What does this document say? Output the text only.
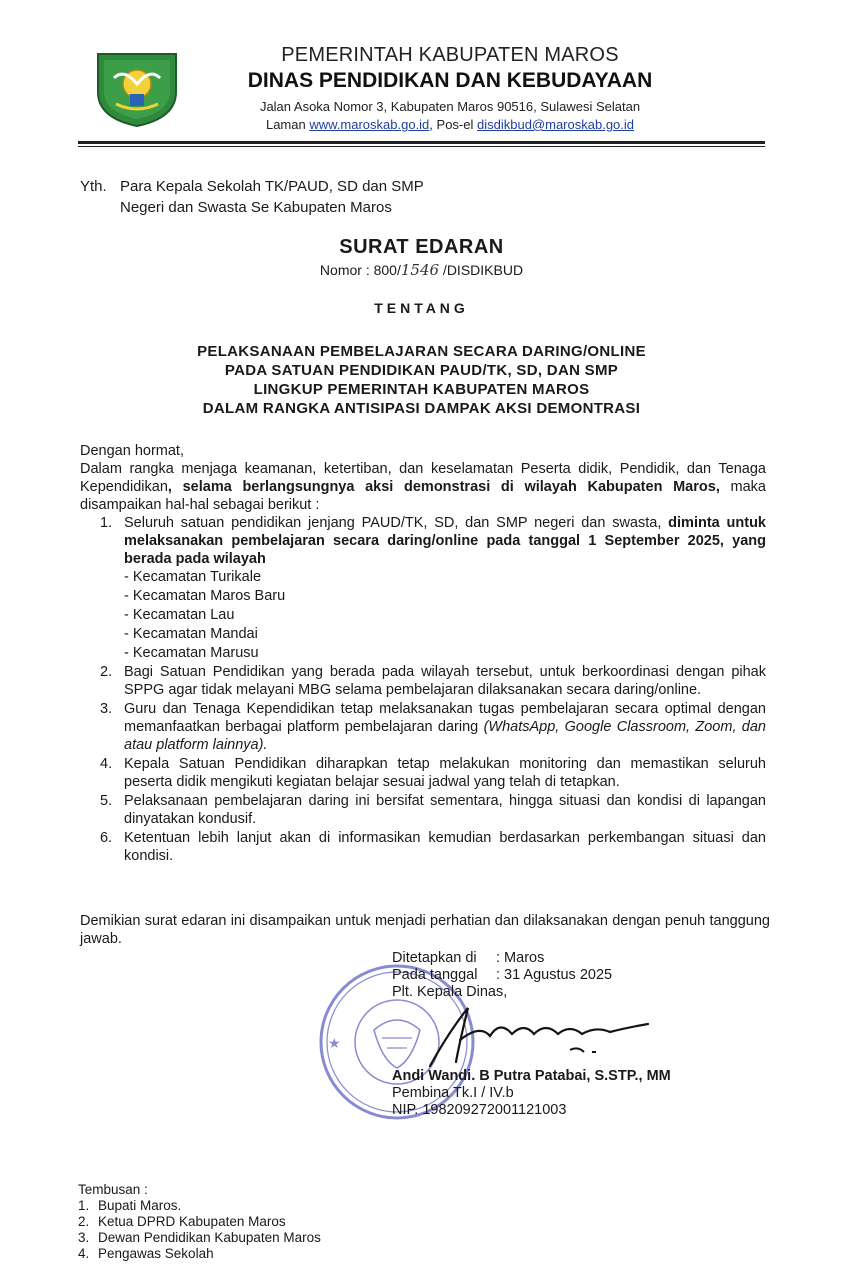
PEMERINTAH KABUPATEN MAROS
DINAS PENDIDIKAN DAN KEBUDAYAAN
Jalan Asoka Nomor 3, Kabupaten Maros 90516, Sulawesi Selatan
Laman www.maroskab.go.id, Pos-el disdikbud@maroskab.go.id
Yth. Para Kepala Sekolah TK/PAUD, SD dan SMP
Negeri dan Swasta Se Kabupaten Maros
SURAT EDARAN
Nomor : 800/1546 /DISDIKBUD
TENTANG
PELAKSANAAN PEMBELAJARAN SECARA DARING/ONLINE
PADA SATUAN PENDIDIKAN PAUD/TK, SD, DAN SMP
LINGKUP PEMERINTAH KABUPATEN MAROS
DALAM RANGKA ANTISIPASI DAMPAK AKSI DEMONTRASI

Dengan hormat,

Dalam rangka menjaga keamanan, ketertiban, dan keselamatan Peserta didik, Pendidik, dan Tenaga Kependidikan, selama berlangsungnya aksi demonstrasi di wilayah Kabupaten Maros, maka disampaikan hal-hal sebagai berikut :

1. Seluruh satuan pendidikan jenjang PAUD/TK, SD, dan SMP negeri dan swasta, diminta untuk melaksanakan pembelajaran secara daring/online pada tanggal 1 September 2025, yang berada pada wilayah
- Kecamatan Turikale
- Kecamatan Maros Baru
- Kecamatan Lau
- Kecamatan Mandai
- Kecamatan Marusu
2. Bagi Satuan Pendidikan yang berada pada wilayah tersebut, untuk berkoordinasi dengan pihak SPPG agar tidak melayani MBG selama pembelajaran dilaksanakan secara daring/online.
3. Guru dan Tenaga Kependidikan tetap melaksanakan tugas pembelajaran secara optimal dengan memanfaatkan berbagai platform pembelajaran daring (WhatsApp, Google Classroom, Zoom, dan atau platform lainnya).
4. Kepala Satuan Pendidikan diharapkan tetap melakukan monitoring dan memastikan seluruh peserta didik mengikuti kegiatan belajar sesuai jadwal yang telah di tetapkan.
5. Pelaksanaan pembelajaran daring ini bersifat sementara, hingga situasi dan kondisi di lapangan dinyatakan kondusif.
6. Ketentuan lebih lanjut akan di informasikan kemudian berdasarkan perkembangan situasi dan kondisi.
Demikian surat edaran ini disampaikan untuk menjadi perhatian dan dilaksanakan dengan penuh tanggung jawab.
★
Ditetapkan di : Maros
Pada tanggal : 31 Agustus 2025
Plt. Kepala Dinas,
Andi Wandi. B Putra Patabai, S.STP., MM
Pembina Tk.I / IV.b
NIP. 198209272001121003
Tembusan :
1. Bupati Maros.
2. Ketua DPRD Kabupaten Maros
3. Dewan Pendidikan Kabupaten Maros
4. Pengawas Sekolah
